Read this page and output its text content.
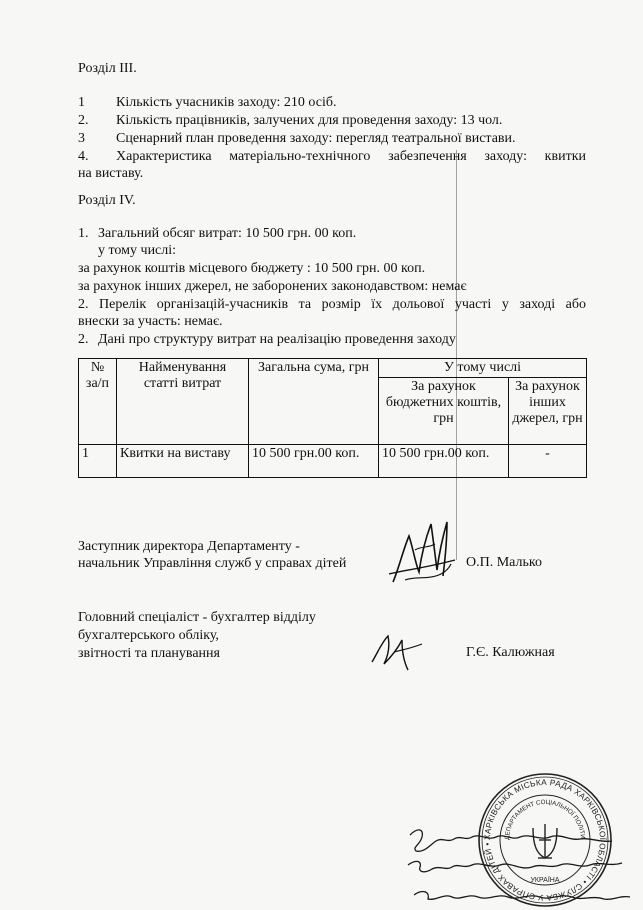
Розділ ІІІ.
1 Кількість учасників заходу: 210 осіб.
2. Кількість працівників, залучених для проведення заходу: 13 чол.
3 Сценарний план проведення заходу: перегляд театральної вистави.
4. Характеристика матеріально-технічного забезпечення заходу: квитки
на виставу.
Розділ IV.
1. Загальний обсяг витрат: 10 500 грн. 00 коп.
у тому числі:
за рахунок коштів місцевого бюджету : 10 500 грн. 00 коп.
за рахунок інших джерел, не заборонених законодавством: немає
2. Перелік організацій-учасників та розмір їх дольової участі у заході або
внески за участь: немає.
2. Дані про структуру витрат на реалізацію проведення заходу
№ за/п	Найменування статті витрат	Загальна сума, грн	У тому числі	
			За рахунок бюджетних коштів, грн	За рахунок інших джерел, грн
1	Квитки на виставу	10 500 грн.00 коп.	10 500 грн.00 коп.	-
Заступник директора Департаменту -
начальник Управління служб у справах дітей	О.П. Малько
Головний спеціаліст - бухгалтер відділу
бухгалтерського обліку,
звітності та планування	Г.Є. Калюжная
ХАРКІВСЬКА МІСЬКА РАДА ХАРКІВСЬКОЇ ОБЛАСТІ • СЛУЖБА У СПРАВАХ ДІТЕЙ •
ДЕПАРТАМЕНТ СОЦІАЛЬНОЇ ПОЛІТИКИ
УКРАЇНА
